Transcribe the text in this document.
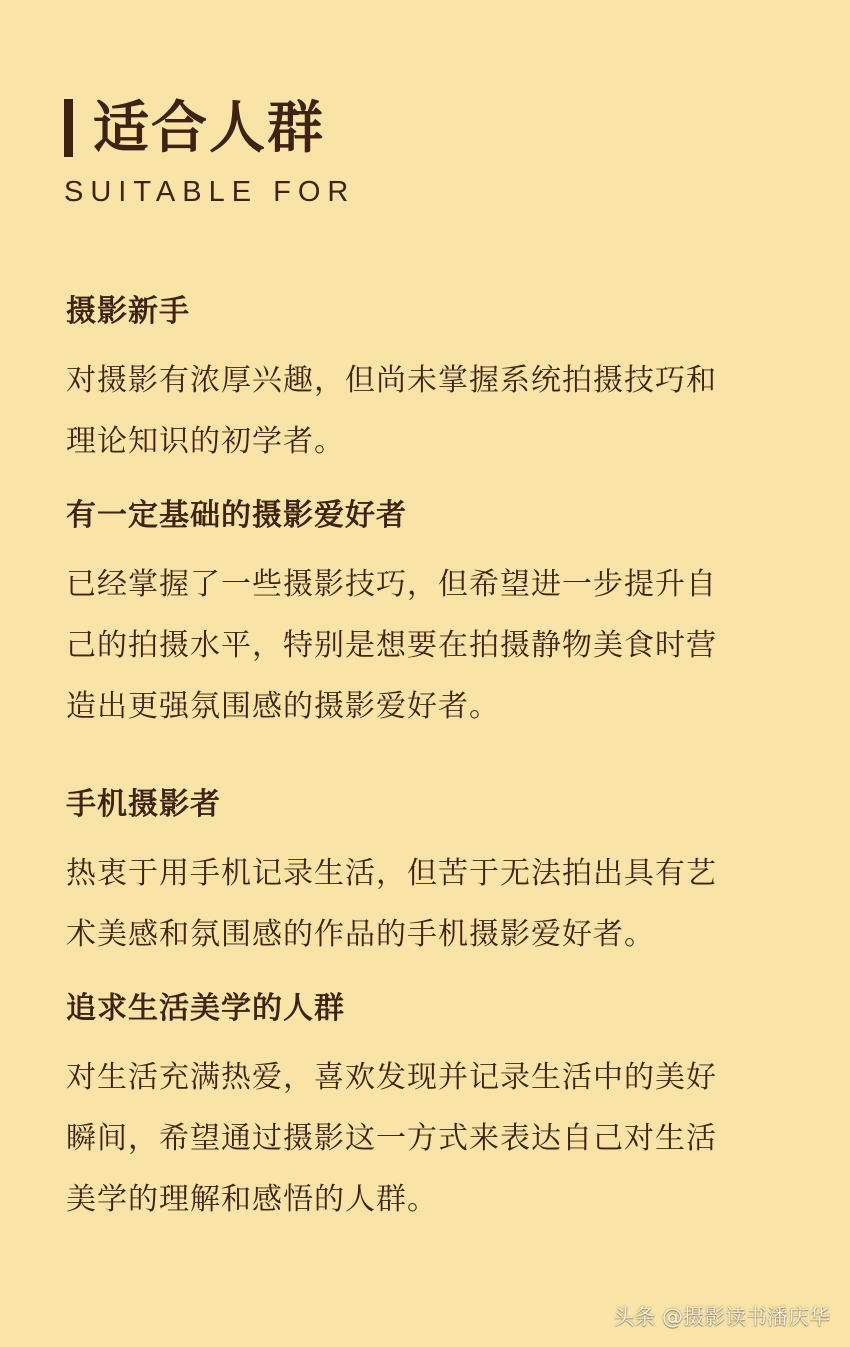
适合人群
SUITABLE FOR
摄影新手
对摄影有浓厚兴趣，但尚未掌握系统拍摄技巧和
理论知识的初学者。
有一定基础的摄影爱好者
已经掌握了一些摄影技巧，但希望进一步提升自
己的拍摄水平，特别是想要在拍摄静物美食时营
造出更强氛围感的摄影爱好者。
手机摄影者
热衷于用手机记录生活，但苦于无法拍出具有艺
术美感和氛围感的作品的手机摄影爱好者。
追求生活美学的人群
对生活充满热爱，喜欢发现并记录生活中的美好
瞬间，希望通过摄影这一方式来表达自己对生活
美学的理解和感悟的人群。
头条 @摄影读书潘庆华
